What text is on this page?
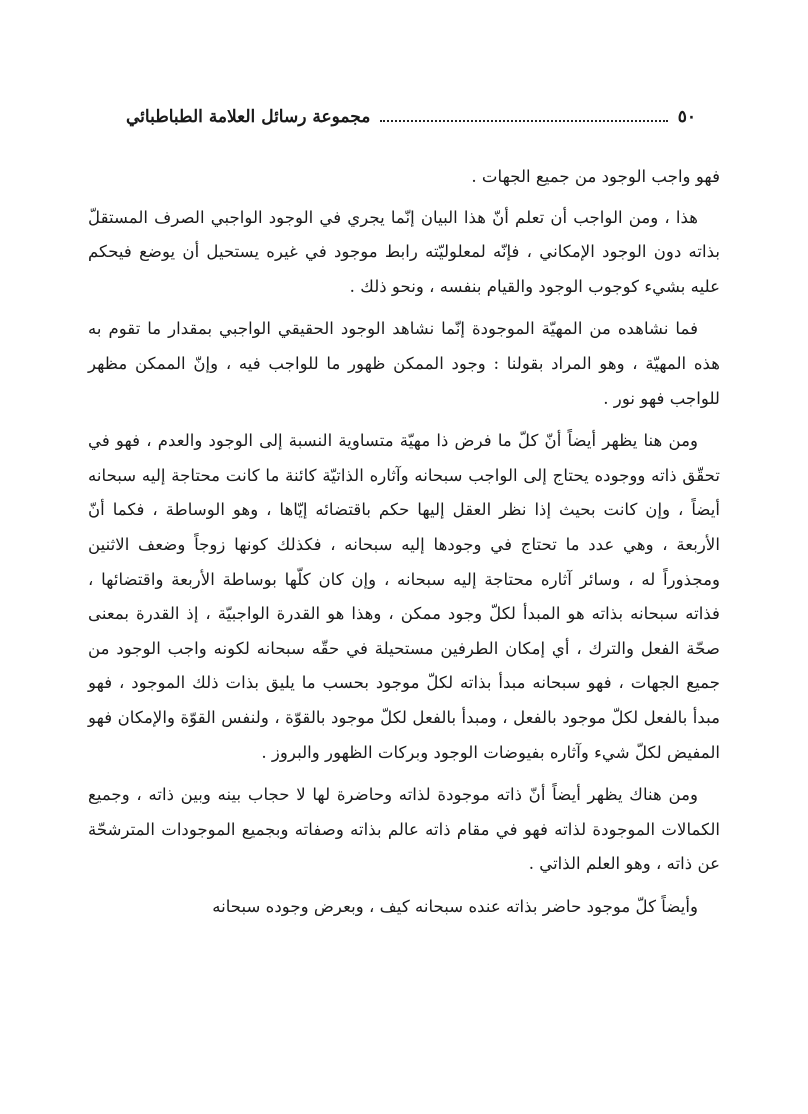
٥٠
مجموعة رسائل العلامة الطباطبائي

فهو واجب الوجود من جميع الجهات .

هذا ، ومن الواجب أن تعلم أنّ هذا البيان إنّما يجري في الوجود الواجبي الصرف المستقلّ بذاته دون الوجود الإمكاني ، فإنّه لمعلوليّته رابط موجود في غيره يستحيل أن يوضع فيحكم عليه بشيء كوجوب الوجود والقيام بنفسه ، ونحو ذلك .

فما نشاهده من المهيّة الموجودة إنّما نشاهد الوجود الحقيقي الواجبي بمقدار ما تقوم به هذه المهيّة ، وهو المراد بقولنا : وجود الممكن ظهور ما للواجب فيه ، وإنّ الممكن مظهر للواجب فهو نور .

ومن هنا يظهر أيضاً أنّ كلّ ما فرض ذا مهيّة متساوية النسبة إلى الوجود والعدم ، فهو في تحقّق ذاته ووجوده يحتاج إلى الواجب سبحانه وآثاره الذاتيّة كائنة ما كانت محتاجة إليه سبحانه أيضاً ، وإن كانت بحيث إذا نظر العقل إليها حكم باقتضائه إيّاها ، وهو الوساطة ، فكما أنّ الأربعة ، وهي عدد ما تحتاج في وجودها إليه سبحانه ، فكذلك كونها زوجاً وضعف الاثنين ومجذوراً له ، وسائر آثاره محتاجة إليه سبحانه ، وإن كان كلّها بوساطة الأربعة واقتضائها ، فذاته سبحانه بذاته هو المبدأ لكلّ وجود ممكن ، وهذا هو القدرة الواجبيّة ، إذ القدرة بمعنى صحّة الفعل والترك ، أي إمكان الطرفين مستحيلة في حقّه سبحانه لكونه واجب الوجود من جميع الجهات ، فهو سبحانه مبدأ بذاته لكلّ موجود بحسب ما يليق بذات ذلك الموجود ، فهو مبدأ بالفعل لكلّ موجود بالفعل ، ومبدأ بالفعل لكلّ موجود بالقوّة ، ولنفس القوّة والإمكان فهو المفيض لكلّ شيء وآثاره بفيوضات الوجود وبركات الظهور والبروز .

ومن هناك يظهر أيضاً أنّ ذاته موجودة لذاته وحاضرة لها لا حجاب بينه وبين ذاته ، وجميع الكمالات الموجودة لذاته فهو في مقام ذاته عالم بذاته وصفاته وبجميع الموجودات المترشحّة عن ذاته ، وهو العلم الذاتي .

وأيضاً كلّ موجود حاضر بذاته عنده سبحانه كيف ، وبعرض وجوده سبحانه
